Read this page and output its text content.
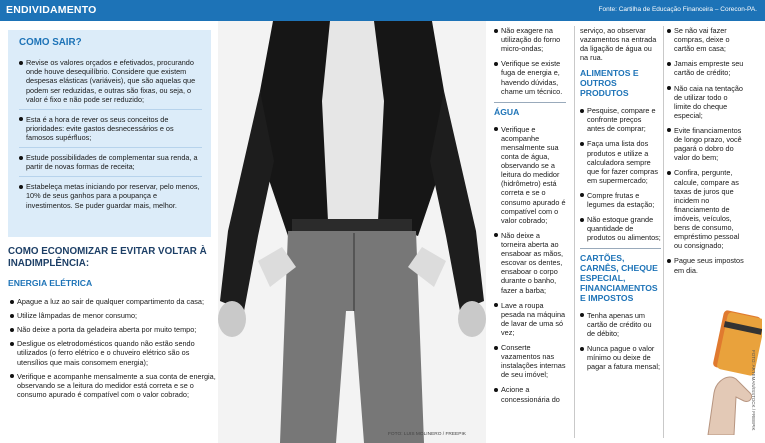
ENDIVIDAMENTO	Fonte: Cartilha de Educação Financeira – Corecon-PA.
FOTO: LUIS MOLINERO / FREEPIK
COMO SAIR?
Revise os valores orçados e efetivados, procurando onde houve desequilíbrio. Considere que existem despesas elásticas (variáveis), que são aquelas que podem ser reduzidas, e outras são fixas, ou seja, o valor é fixo e não pode ser reduzido;
Esta é a hora de rever os seus conceitos de prioridades: evite gastos desnecessários e os famosos supérfluos;
Estude possibilidades de complementar sua renda, a partir de novas formas de receita;
Estabeleça metas iniciando por reservar, pelo menos, 10% de seus ganhos para a poupança e investimentos. Se puder guardar mais, melhor.
COMO ECONOMIZAR E EVITAR VOLTAR À INADIMPLÊNCIA:
ENERGIA ELÉTRICA
Apague a luz ao sair de qualquer compartimento da casa;
Utilize lâmpadas de menor consumo;
Não deixe a porta da geladeira aberta por muito tempo;
Desligue os eletrodomésticos quando não estão sendo utilizados (o ferro elétrico e o chuveiro elétrico são os utensílios que mais consomem energia);
Verifique e acompanhe mensalmente a sua conta de energia, observando se a leitura do medidor está correta e se o consumo apurado é compatível com o valor cobrado;
Não exagere na utilização do forno micro-ondas;
Verifique se existe fuga de energia e, havendo dúvidas, chame um técnico.
ÁGUA
Verifique e acompanhe mensalmente sua conta de água, observando se a leitura do medidor (hidrômetro) está correta e se o consumo apurado é compatível com o valor cobrado;
Não deixe a torneira aberta ao ensaboar as mãos, escovar os dentes, ensaboar o corpo durante o banho, fazer a barba;
Lave a roupa pesada na máquina de lavar de uma só vez;
Conserte vazamentos nas instalações internas de seu imóvel;
Acione a concessionária do

serviço, ao observar vazamentos na entrada da ligação de água ou na rua.

ALIMENTOS E OUTROS PRODUTOS
Pesquise, compare e confronte preços antes de comprar;
Faça uma lista dos produtos e utilize a calculadora sempre que for fazer compras em supermercado;
Compre frutas e legumes da estação;
Não estoque grande quantidade de produtos ou alimentos;
CARTÕES, CARNÊS, CHEQUE ESPECIAL, FINANCIAMENTOS E IMPOSTOS
Tenha apenas um cartão de crédito ou de débito;
Nunca pague o valor mínimo ou deixe de pagar a fatura mensal;
Se não vai fazer compras, deixe o cartão em casa;
Jamais empreste seu cartão de crédito;
Não caia na tentação de utilizar todo o limite do cheque especial;
Evite financiamentos de longo prazo, você pagará o dobro do valor do bem;
Confira, pergunte, calcule, compare as taxas de juros que incidem no financiamento de imóveis, veículos, bens de consumo, empréstimo pessoal ou consignado;
Pague seus impostos em dia.
FOTO: ARTEMAN/ISSTOCK / FREEPIK
